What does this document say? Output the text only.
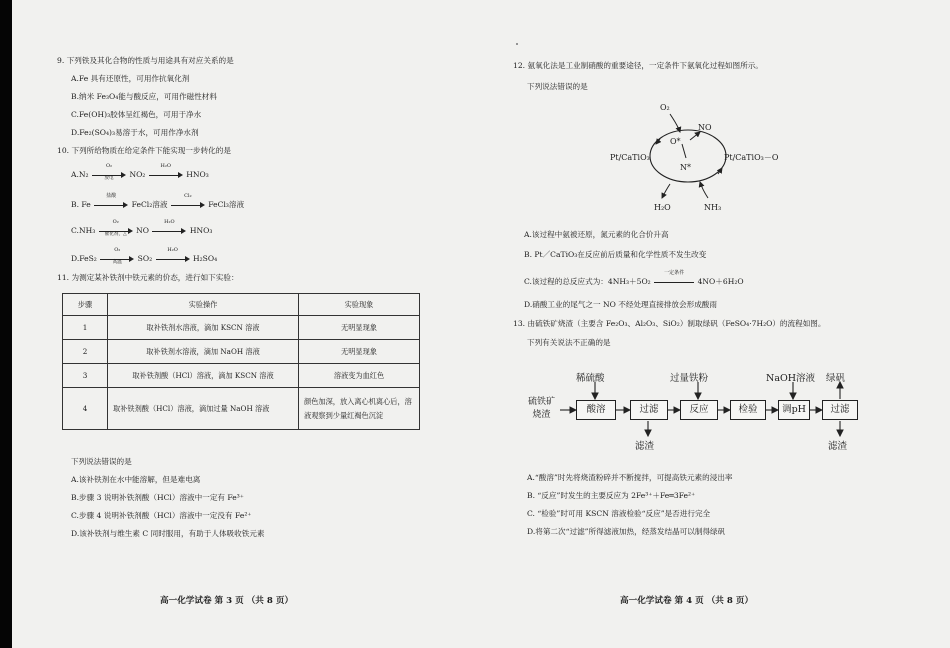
9. 下列铁及其化合物的性质与用途具有对应关系的是
A.Fe 具有还原性，可用作抗氧化剂
B.纳米 Fe₃O₄能与酸反应，可用作磁性材料
C.Fe(OH)₃胶体呈红褐色，可用于净水
D.Fe₂(SO₄)₃易溶于水，可用作净水剂
10. 下列所给物质在给定条件下能实现一步转化的是
A.N₂
O₂
放电	NO₂
H₂O
HNO₃
B. Fe
盐酸
FeCl₂溶液
Cl₂
FeCl₃溶液
C.NH₃
O₂
催化剂，△	NO
H₂O
HNO₃
D.FeS₂
O₂
高温	SO₂
H₂O
H₂SO₄
11. 为测定某补铁剂中铁元素的价态，进行如下实验：
步骤	实验操作	实验现象
1	取补铁剂水溶液，滴加 KSCN 溶液	无明显现象
2	取补铁剂水溶液，滴加 NaOH 溶液	无明显现象
3	取补铁剂酸（HCl）溶液，滴加 KSCN 溶液	溶液变为血红色
4	取补铁剂酸（HCl）溶液，滴加过量 NaOH 溶液	颜色加深，放入离心机离心后，溶液观察到少量红褐色沉淀
下列说法错误的是
A.该补铁剂在水中能溶解，但是难电离
B.步骤 3 说明补铁剂酸（HCl）溶液中一定有 Fe³⁺
C.步骤 4 说明补铁剂酸（HCl）溶液中一定没有 Fe²⁺
D.该补铁剂与维生素 C 同时服用，有助于人体吸收铁元素
高一化学试卷 第 3 页 （共 8 页）
12. 氨氧化法是工业制硝酸的重要途径，一定条件下氨氧化过程如图所示。
下列说法错误的是
O₂
NO
O*
N*
Pt/CaTiO₃	Pt/CaTiO₃－O
H₂O	NH₃
A.该过程中氨被还原，氮元素的化合价升高
B. Pt／CaTiO₃在反应前后质量和化学性质不发生改变
C.该过程的总反应式为：4NH₃＋5O₂
一定条件
4NO＋6H₂O
D.硝酸工业的尾气之一 NO 不经处理直接排放会形成酸雨
13. 由硫铁矿烧渣（主要含 Fe₂O₃、Al₂O₃、SiO₂）制取绿矾（FeSO₄·7H₂O）的流程如图。
下列有关说法不正确的是
硫铁矿
烧渣	酸溶	过滤	反应	检验	调pH	过滤
稀硫酸	过量铁粉	NaOH溶液 绿矾
滤渣	滤渣
A.“酸溶”时先将烧渣粉碎并不断搅拌，可提高铁元素的浸出率
B. “反应”时发生的主要反应为 2Fe³⁺＋Fe═3Fe²⁺
C. “检验”时可用 KSCN 溶液检验“反应”是否进行完全
D.将第二次“过滤”所得滤液加热，经蒸发结晶可以制得绿矾
高一化学试卷 第 4 页 （共 8 页）
